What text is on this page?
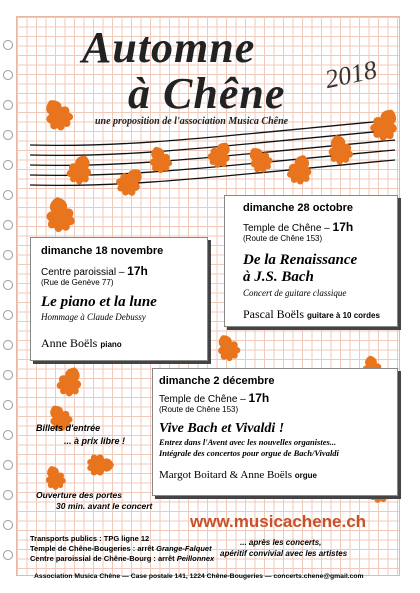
Automne
à Chêne 2018
une proposition de l'association Musica Chêne
dimanche 28 octobre
Temple de Chêne – 17h
(Route de Chêne 153)
De la Renaissance
à J.S. Bach
Concert de guitare classique
Pascal Boëls guitare à 10 cordes
dimanche 18 novembre
Centre paroissial – 17h
(Rue de Genève 77)
Le piano et la lune
Hommage à Claude Debussy
Anne Boëls piano
dimanche 2 décembre
Temple de Chêne – 17h
(Route de Chêne 153)
Vive Bach et Vivaldi !
Entrez dans l'Avent avec les nouvelles organistes...
Intégrale des concertos pour orgue de Bach/Vivaldi
Margot Boitard & Anne Boëls orgue
Billets d'entrée
... à prix libre !
Ouverture des portes
30 min. avant le concert
www.musicachene.ch
Transports publics : TPG ligne 12
Temple de Chêne-Bougeries : arrêt Grange-Falquet
Centre paroissial de Chêne-Bourg : arrêt Peillonnex
... après les concerts,
apéritif convivial avec les artistes
Association Musica Chêne — Case postale 141, 1224 Chêne-Bougeries — concerts.chene@gmail.com
